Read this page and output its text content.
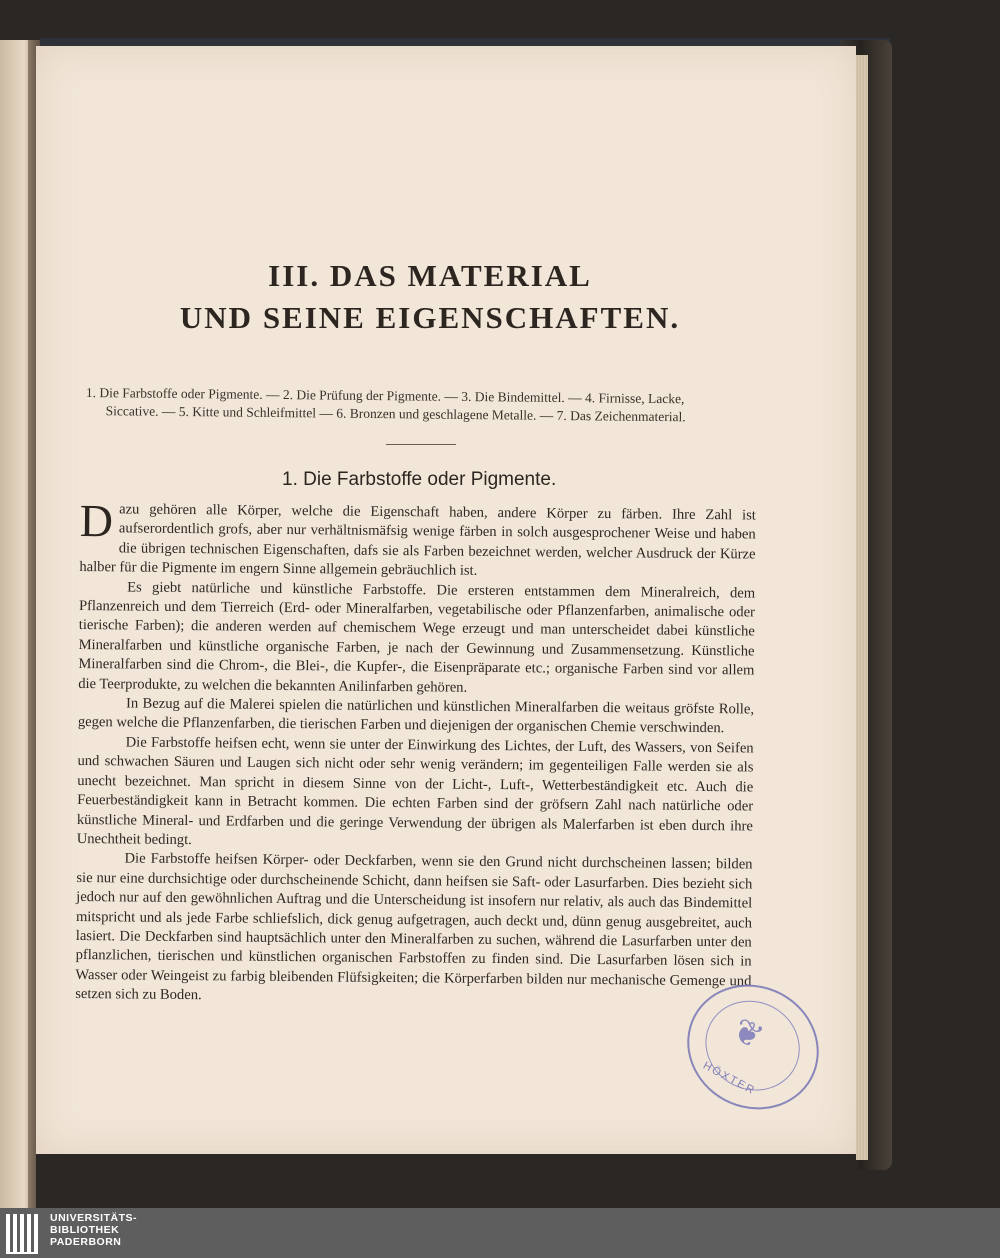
III. DAS MATERIAL
UND SEINE EIGENSCHAFTEN.
1. Die Farbstoffe oder Pigmente. — 2. Die Prüfung der Pigmente. — 3. Die Bindemittel. — 4. Firnisse, Lacke,
Siccative. — 5. Kitte und Schleifmittel — 6. Bronzen und geschlagene Metalle. — 7. Das Zeichenmaterial.
1. Die Farbstoffe oder Pigmente.

Dazu gehören alle Körper, welche die Eigenschaft haben, andere Körper zu färben. Ihre Zahl ist aufserordentlich grofs, aber nur verhältnismäfsig wenige färben in solch ausgesprochener Weise und haben die übrigen technischen Eigenschaften, dafs sie als Farben bezeichnet werden, welcher Ausdruck der Kürze halber für die Pigmente im engern Sinne allgemein gebräuchlich ist.

Es giebt natürliche und künstliche Farbstoffe. Die ersteren entstammen dem Mineralreich, dem Pflanzenreich und dem Tierreich (Erd- oder Mineralfarben, vegetabilische oder Pflanzenfarben, animalische oder tierische Farben); die anderen werden auf chemischem Wege erzeugt und man unterscheidet dabei künstliche Mineralfarben und künstliche organische Farben, je nach der Gewinnung und Zusammensetzung. Künstliche Mineralfarben sind die Chrom-, die Blei-, die Kupfer-, die Eisenpräparate etc.; organische Farben sind vor allem die Teerprodukte, zu welchen die bekannten Anilinfarben gehören.

In Bezug auf die Malerei spielen die natürlichen und künstlichen Mineralfarben die weitaus gröfste Rolle, gegen welche die Pflanzenfarben, die tierischen Farben und diejenigen der organischen Chemie verschwinden.

Die Farbstoffe heifsen echt, wenn sie unter der Einwirkung des Lichtes, der Luft, des Wassers, von Seifen und schwachen Säuren und Laugen sich nicht oder sehr wenig verändern; im gegenteiligen Falle werden sie als unecht bezeichnet. Man spricht in diesem Sinne von der Licht-, Luft-, Wetterbeständigkeit etc. Auch die Feuerbeständigkeit kann in Betracht kommen. Die echten Farben sind der gröfsern Zahl nach natürliche oder künstliche Mineral- und Erdfarben und die geringe Verwendung der übrigen als Malerfarben ist eben durch ihre Unechtheit bedingt.

Die Farbstoffe heifsen Körper- oder Deckfarben, wenn sie den Grund nicht durchscheinen lassen; bilden sie nur eine durchsichtige oder durchscheinende Schicht, dann heifsen sie Saft- oder Lasurfarben. Dies bezieht sich jedoch nur auf den gewöhnlichen Auftrag und die Unterscheidung ist insofern nur relativ, als auch das Bindemittel mitspricht und als jede Farbe schliefslich, dick genug aufgetragen, auch deckt und, dünn genug ausgebreitet, auch lasiert. Die Deckfarben sind hauptsächlich unter den Mineralfarben zu suchen, während die Lasurfarben unter den pflanzlichen, tierischen und künstlichen organischen Farbstoffen zu finden sind. Die Lasurfarben lösen sich in Wasser oder Weingeist zu farbig bleibenden Flüfsigkeiten; die Körperfarben bilden nur mechanische Gemenge und setzen sich zu Boden.

❦
HÖXTER
UNIVERSITÄTS-
BIBLIOTHEK
PADERBORN
